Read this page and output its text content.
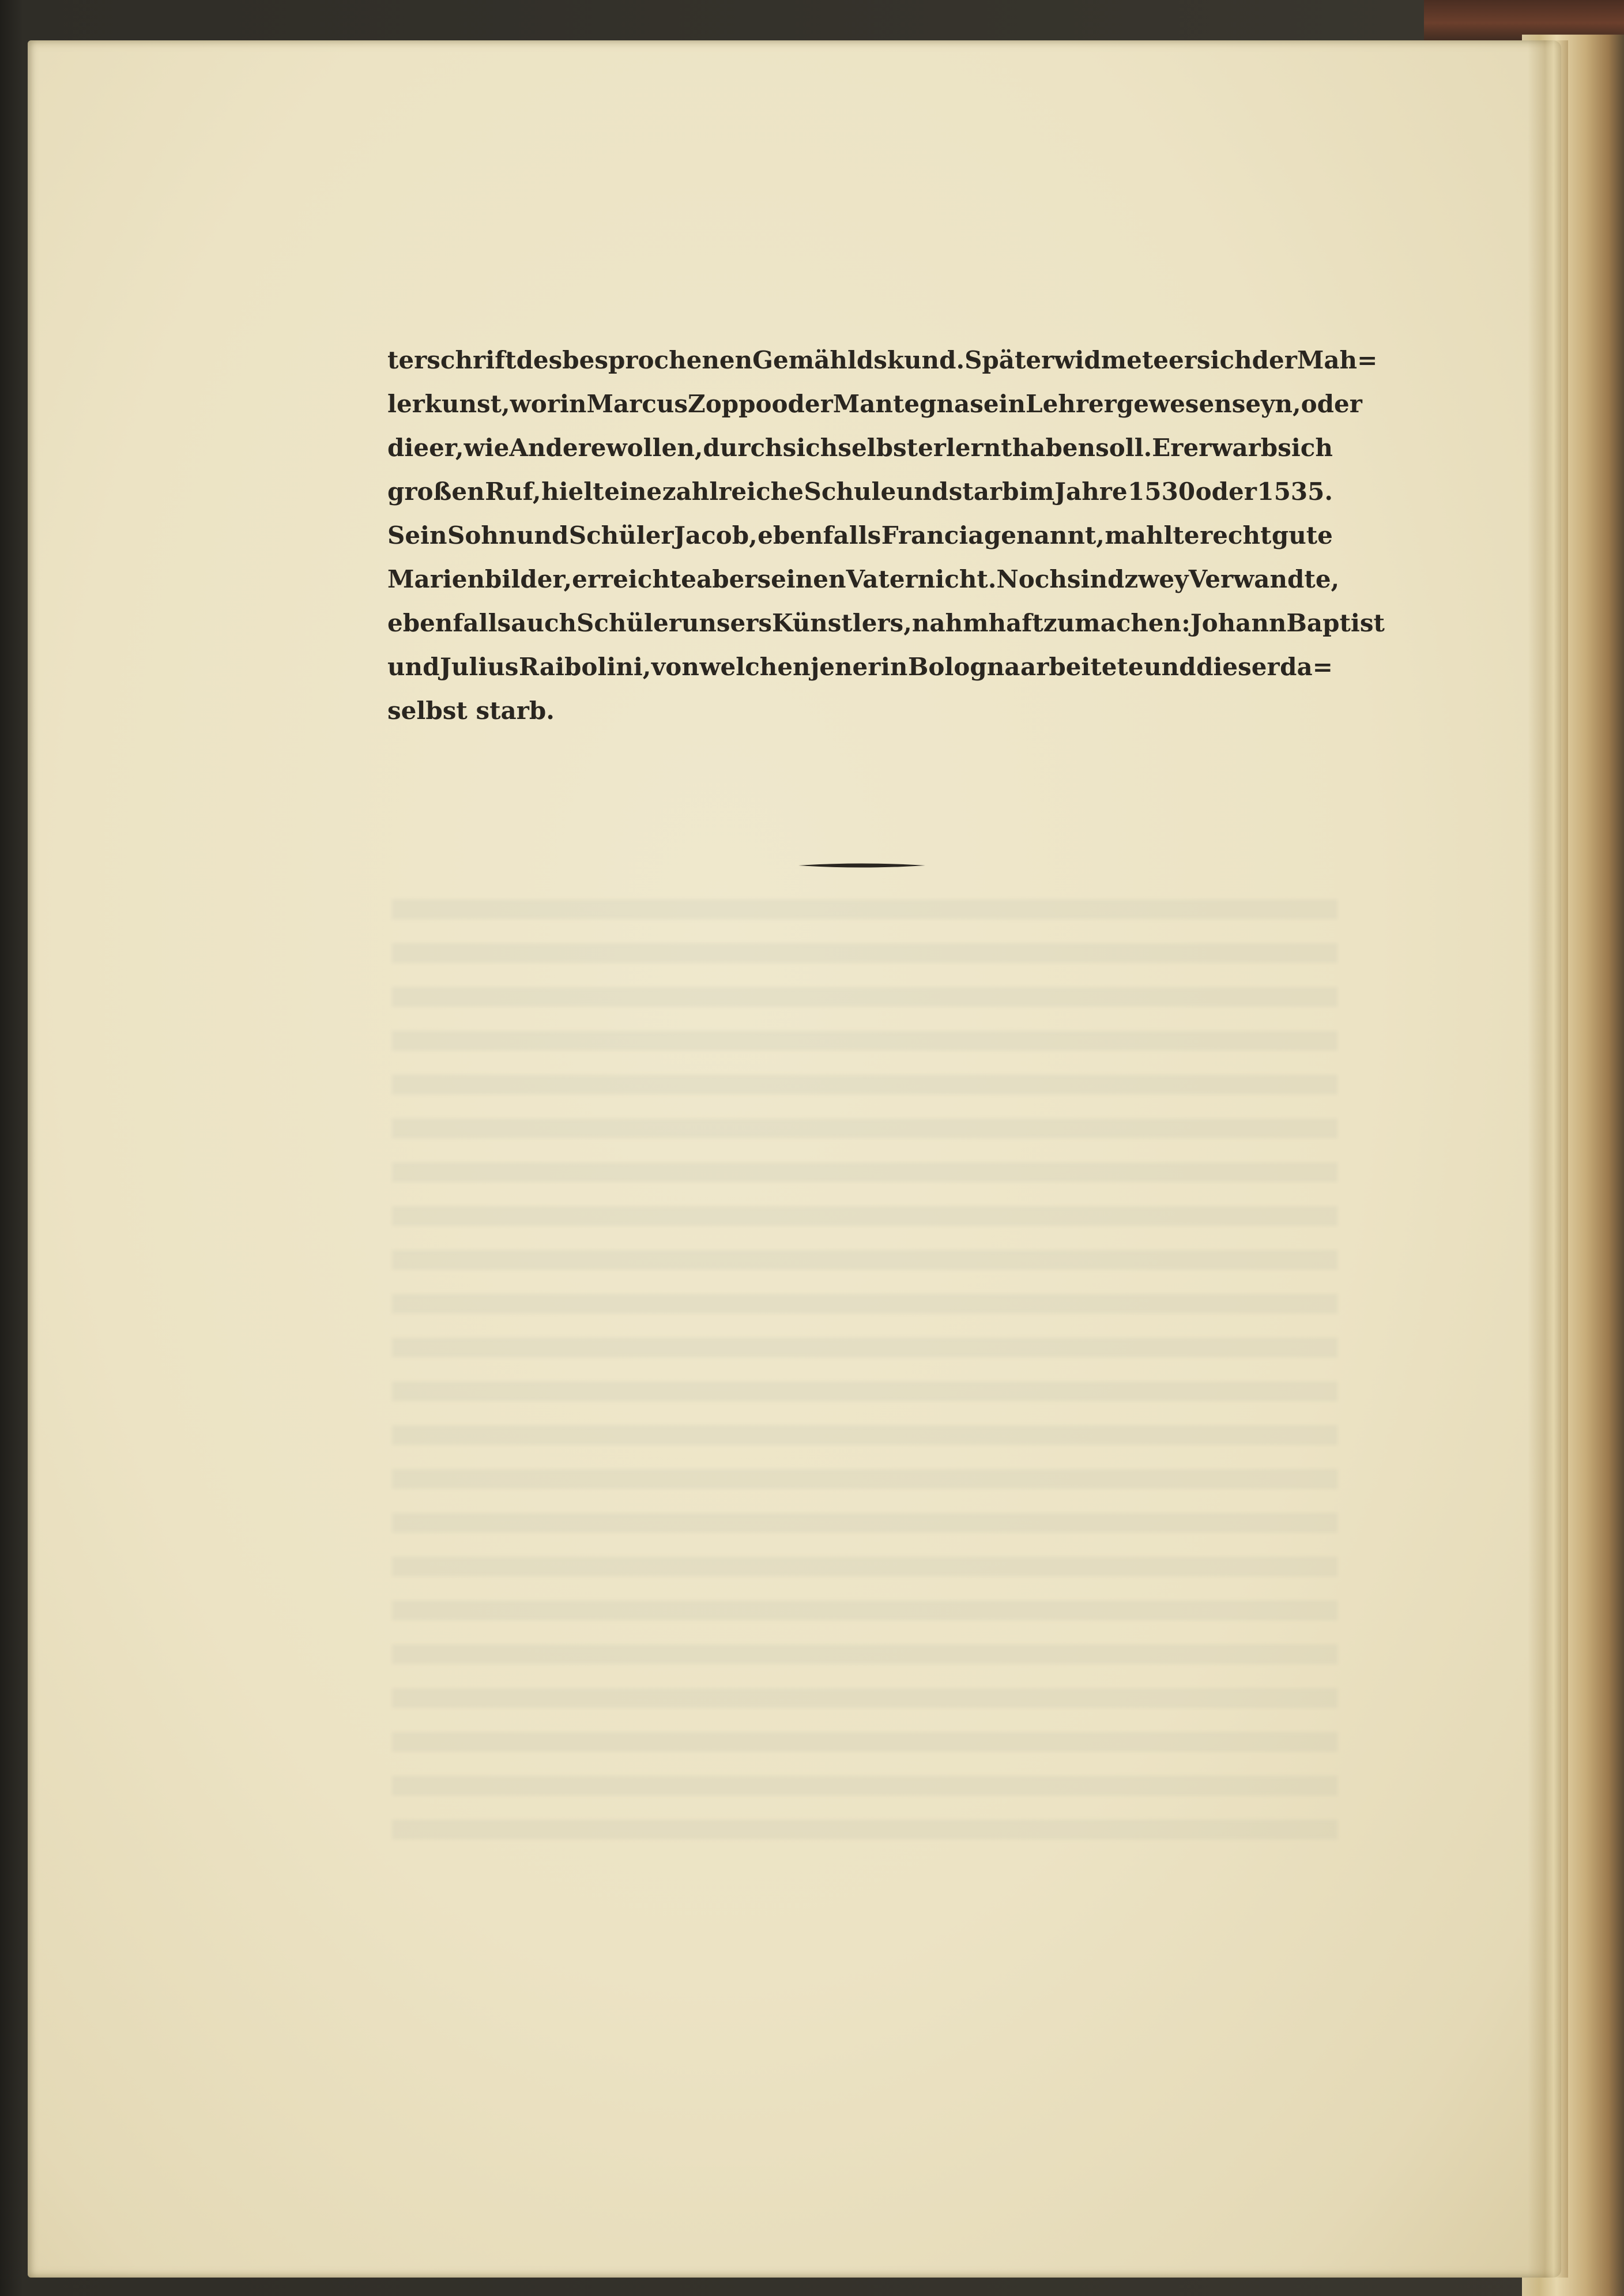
terschrift des besprochenen Gemählds kund. Später widmete er sich der Mah=
lerkunst, worin Marcus Zoppo oder Mantegna sein Lehrer gewesen seyn, oder
die er, wie Andere wollen, durch sich selbst erlernt haben soll. Er erwarb sich
großen Ruf, hielt eine zahlreiche Schule und starb im Jahre 1530 oder 1535.
Sein Sohn und Schüler Jacob, ebenfalls Francia genannt, mahlte recht gute
Marienbilder, erreichte aber seinen Vater nicht. Noch sind zwey Verwandte,
ebenfalls auch Schüler unsers Künstlers, nahmhaft zu machen: Johann Baptist
und Julius Raibolini, von welchen jener in Bologna arbeitete und dieser da=
selbst starb.
